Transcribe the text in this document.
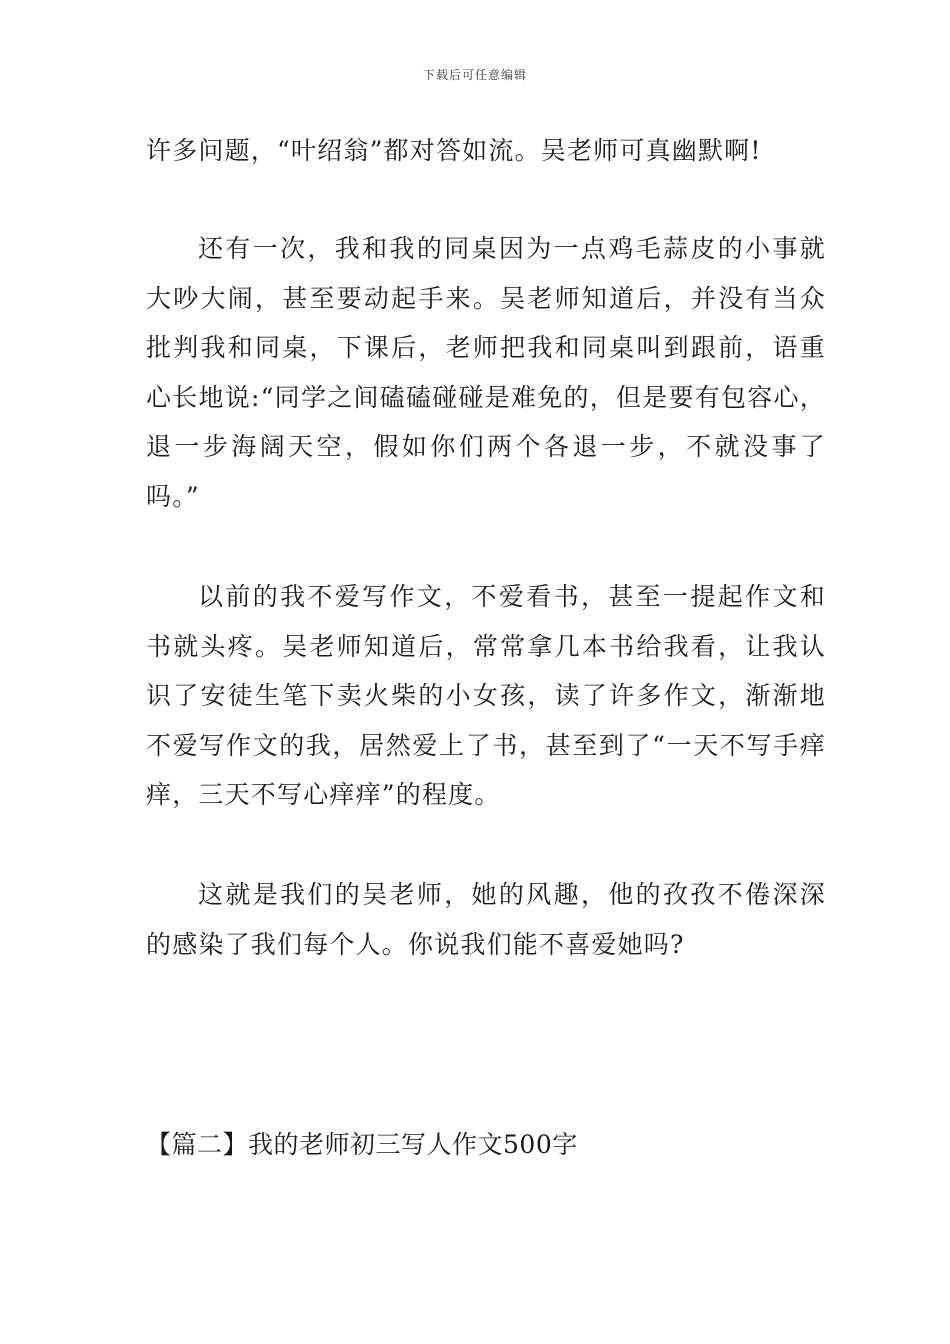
下载后可任意编辑

许多问题，“叶绍翁”都对答如流。吴老师可真幽默啊!

还有一次，我和我的同桌因为一点鸡毛蒜皮的小事就大吵大闹，甚至要动起手来。吴老师知道后，并没有当众批判我和同桌，下课后，老师把我和同桌叫到跟前，语重心长地说:“同学之间磕磕碰碰是难免的，但是要有包容心，退一步海阔天空，假如你们两个各退一步，不就没事了吗。”

以前的我不爱写作文，不爱看书，甚至一提起作文和书就头疼。吴老师知道后，常常拿几本书给我看，让我认识了安徒生笔下卖火柴的小女孩，读了许多作文，渐渐地不爱写作文的我，居然爱上了书，甚至到了“一天不写手痒痒，三天不写心痒痒”的程度。

这就是我们的吴老师，她的风趣，他的孜孜不倦深深的感染了我们每个人。你说我们能不喜爱她吗?

【篇二】我的老师初三写人作文500字
